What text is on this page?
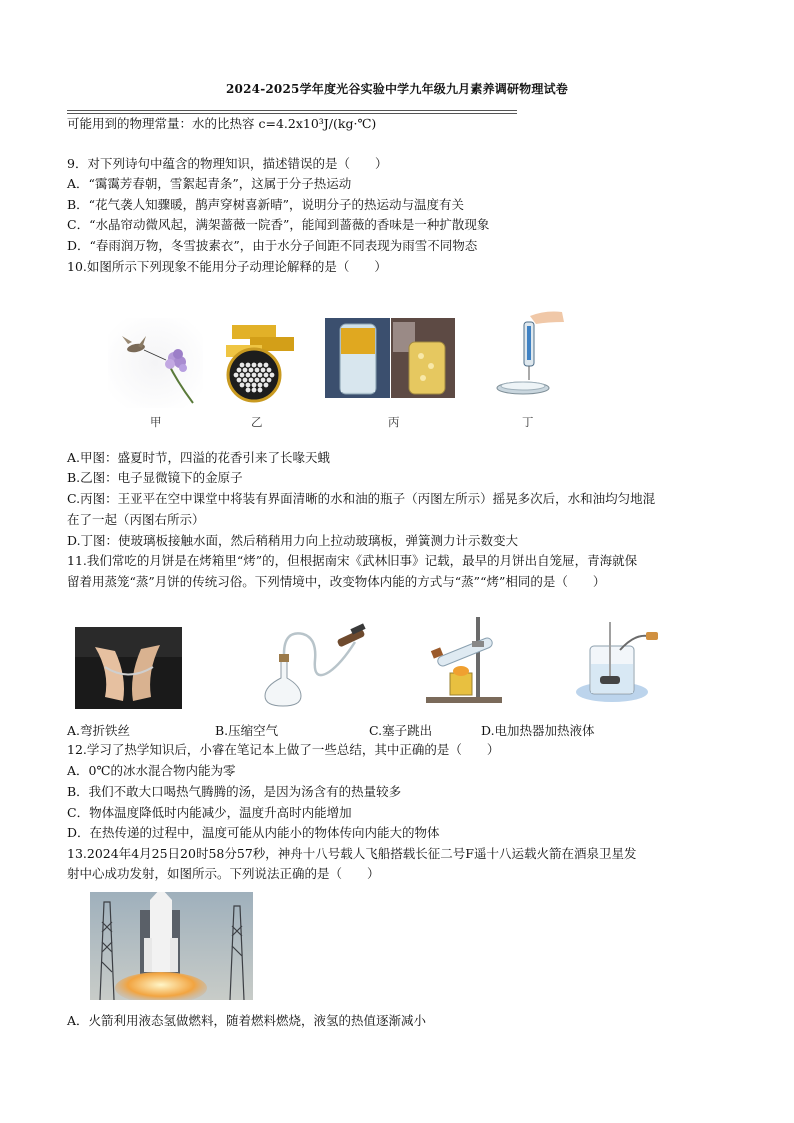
2024-2025学年度光谷实验中学九年级九月素养调研物理试卷
可能用到的物理常量：水的比热容 c=4.2x10³J/(kg·℃)
9．对下列诗句中蕴含的物理知识，描述错误的是（　　）
A．“霭霭芳春朝，雪絮起青条”，这属于分子热运动
B．“花气袭人知骤暖，鹊声穿树喜新晴”，说明分子的热运动与温度有关
C．“水晶帘动微风起，满架蔷薇一院香”，能闻到蔷薇的香味是一种扩散现象
D．“春雨润万物，冬雪披素衣”，由于水分子间距不同表现为雨雪不同物态
10.如图所示下列现象不能用分子动理论解释的是（　　）
甲	乙	丙	丁
A.甲图：盛夏时节，四溢的花香引来了长喙天蛾
B.乙图：电子显微镜下的金原子
C.丙图：王亚平在空中课堂中将装有界面清晰的水和油的瓶子（丙图左所示）摇晃多次后，水和油均匀地混
在了一起（丙图右所示）
D.丁图：使玻璃板接触水面，然后稍稍用力向上拉动玻璃板，弹簧测力计示数变大
11.我们常吃的月饼是在烤箱里“烤”的，但根据南宋《武林旧事》记载，最早的月饼出自笼屉，青海就保
留着用蒸笼“蒸”月饼的传统习俗。下列情境中，改变物体内能的方式与“蒸”“烤”相同的是（　　）
A.弯折铁丝	B.压缩空气	C.塞子跳出	D.电加热器加热液体
12.学习了热学知识后，小睿在笔记本上做了一些总结，其中正确的是（　　）
A．0℃的冰水混合物内能为零
B．我们不敢大口喝热气腾腾的汤，是因为汤含有的热量较多
C．物体温度降低时内能减少，温度升高时内能增加
D．在热传递的过程中，温度可能从内能小的物体传向内能大的物体
13.2024年4月25日20时58分57秒，神舟十八号载人飞船搭载长征二号F遥十八运载火箭在酒泉卫星发
射中心成功发射，如图所示。下列说法正确的是（　　）
A．火箭利用液态氢做燃料，随着燃料燃烧，液氢的热值逐渐减小
